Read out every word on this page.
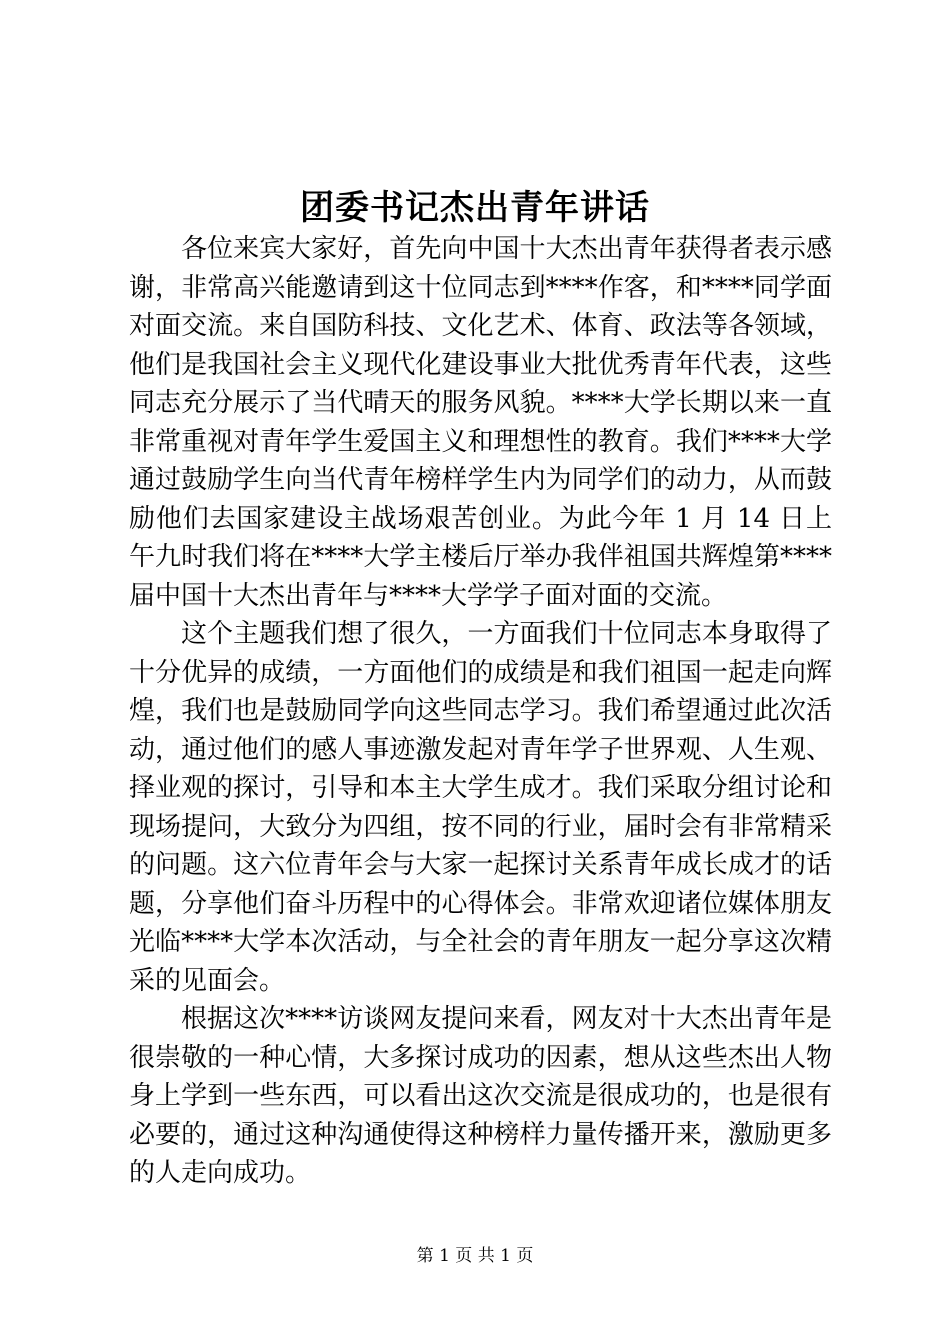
团委书记杰出青年讲话

各位来宾大家好，首先向中国十大杰出青年获得者表示感谢，非常高兴能邀请到这十位同志到****作客，和****同学面对面交流。来自国防科技、文化艺术、体育、政法等各领域，他们是我国社会主义现代化建设事业大批优秀青年代表，这些同志充分展示了当代晴天的服务风貌。****大学长期以来一直非常重视对青年学生爱国主义和理想性的教育。我们****大学通过鼓励学生向当代青年榜样学生内为同学们的动力，从而鼓励他们去国家建设主战场艰苦创业。为此今年 1 月 14 日上午九时我们将在****大学主楼后厅举办我伴祖国共辉煌第****届中国十大杰出青年与****大学学子面对面的交流。

这个主题我们想了很久，一方面我们十位同志本身取得了十分优异的成绩，一方面他们的成绩是和我们祖国一起走向辉煌，我们也是鼓励同学向这些同志学习。我们希望通过此次活动，通过他们的感人事迹激发起对青年学子世界观、人生观、择业观的探讨，引导和本主大学生成才。我们采取分组讨论和现场提问，大致分为四组，按不同的行业，届时会有非常精采的问题。这六位青年会与大家一起探讨关系青年成长成才的话题，分享他们奋斗历程中的心得体会。非常欢迎诸位媒体朋友光临****大学本次活动，与全社会的青年朋友一起分享这次精采的见面会。

根据这次****访谈网友提问来看，网友对十大杰出青年是很崇敬的一种心情，大多探讨成功的因素，想从这些杰出人物身上学到一些东西，可以看出这次交流是很成功的，也是很有必要的，通过这种沟通使得这种榜样力量传播开来，激励更多的人走向成功。

第 1 页 共 1 页
